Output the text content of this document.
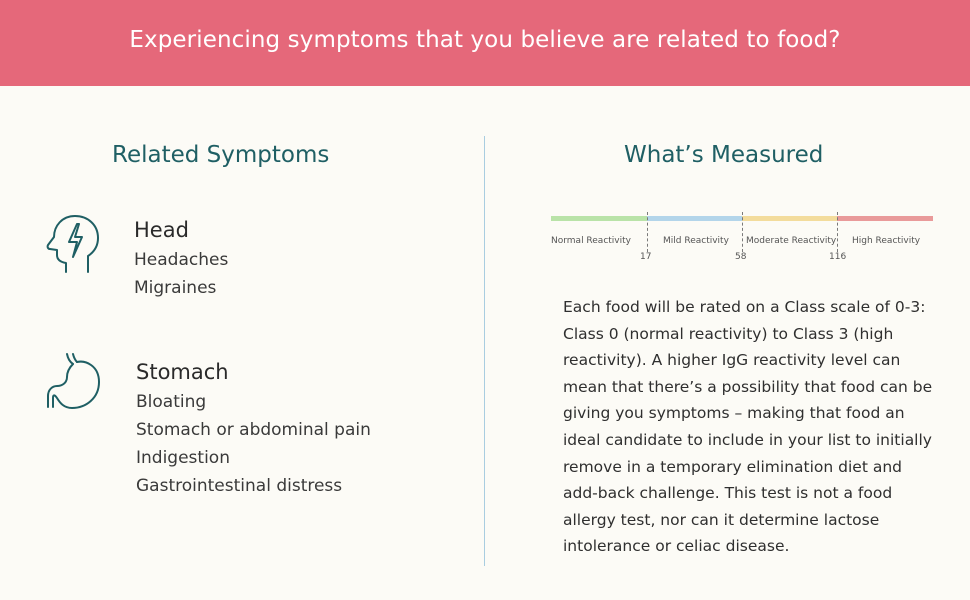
Experiencing symptoms that you believe are related to food?
Related Symptoms	What’s Measured
Head
Headaches
Migraines
Stomach
Bloating
Stomach or abdominal pain
Indigestion
Gastrointestinal distress
Normal Reactivity	Mild Reactivity Moderate Reactivity High Reactivity
17	58	116

Each food will be rated on a Class scale of 0-3: Class 0 (normal reactivity) to Class 3 (high reactivity). A higher IgG reactivity level can mean that there’s a possibility that food can be giving you symptoms – making that food an ideal candidate to include in your list to initially remove in a temporary elimination diet and add-back challenge. This test is not a food allergy test, nor can it determine lactose intolerance or celiac disease.
